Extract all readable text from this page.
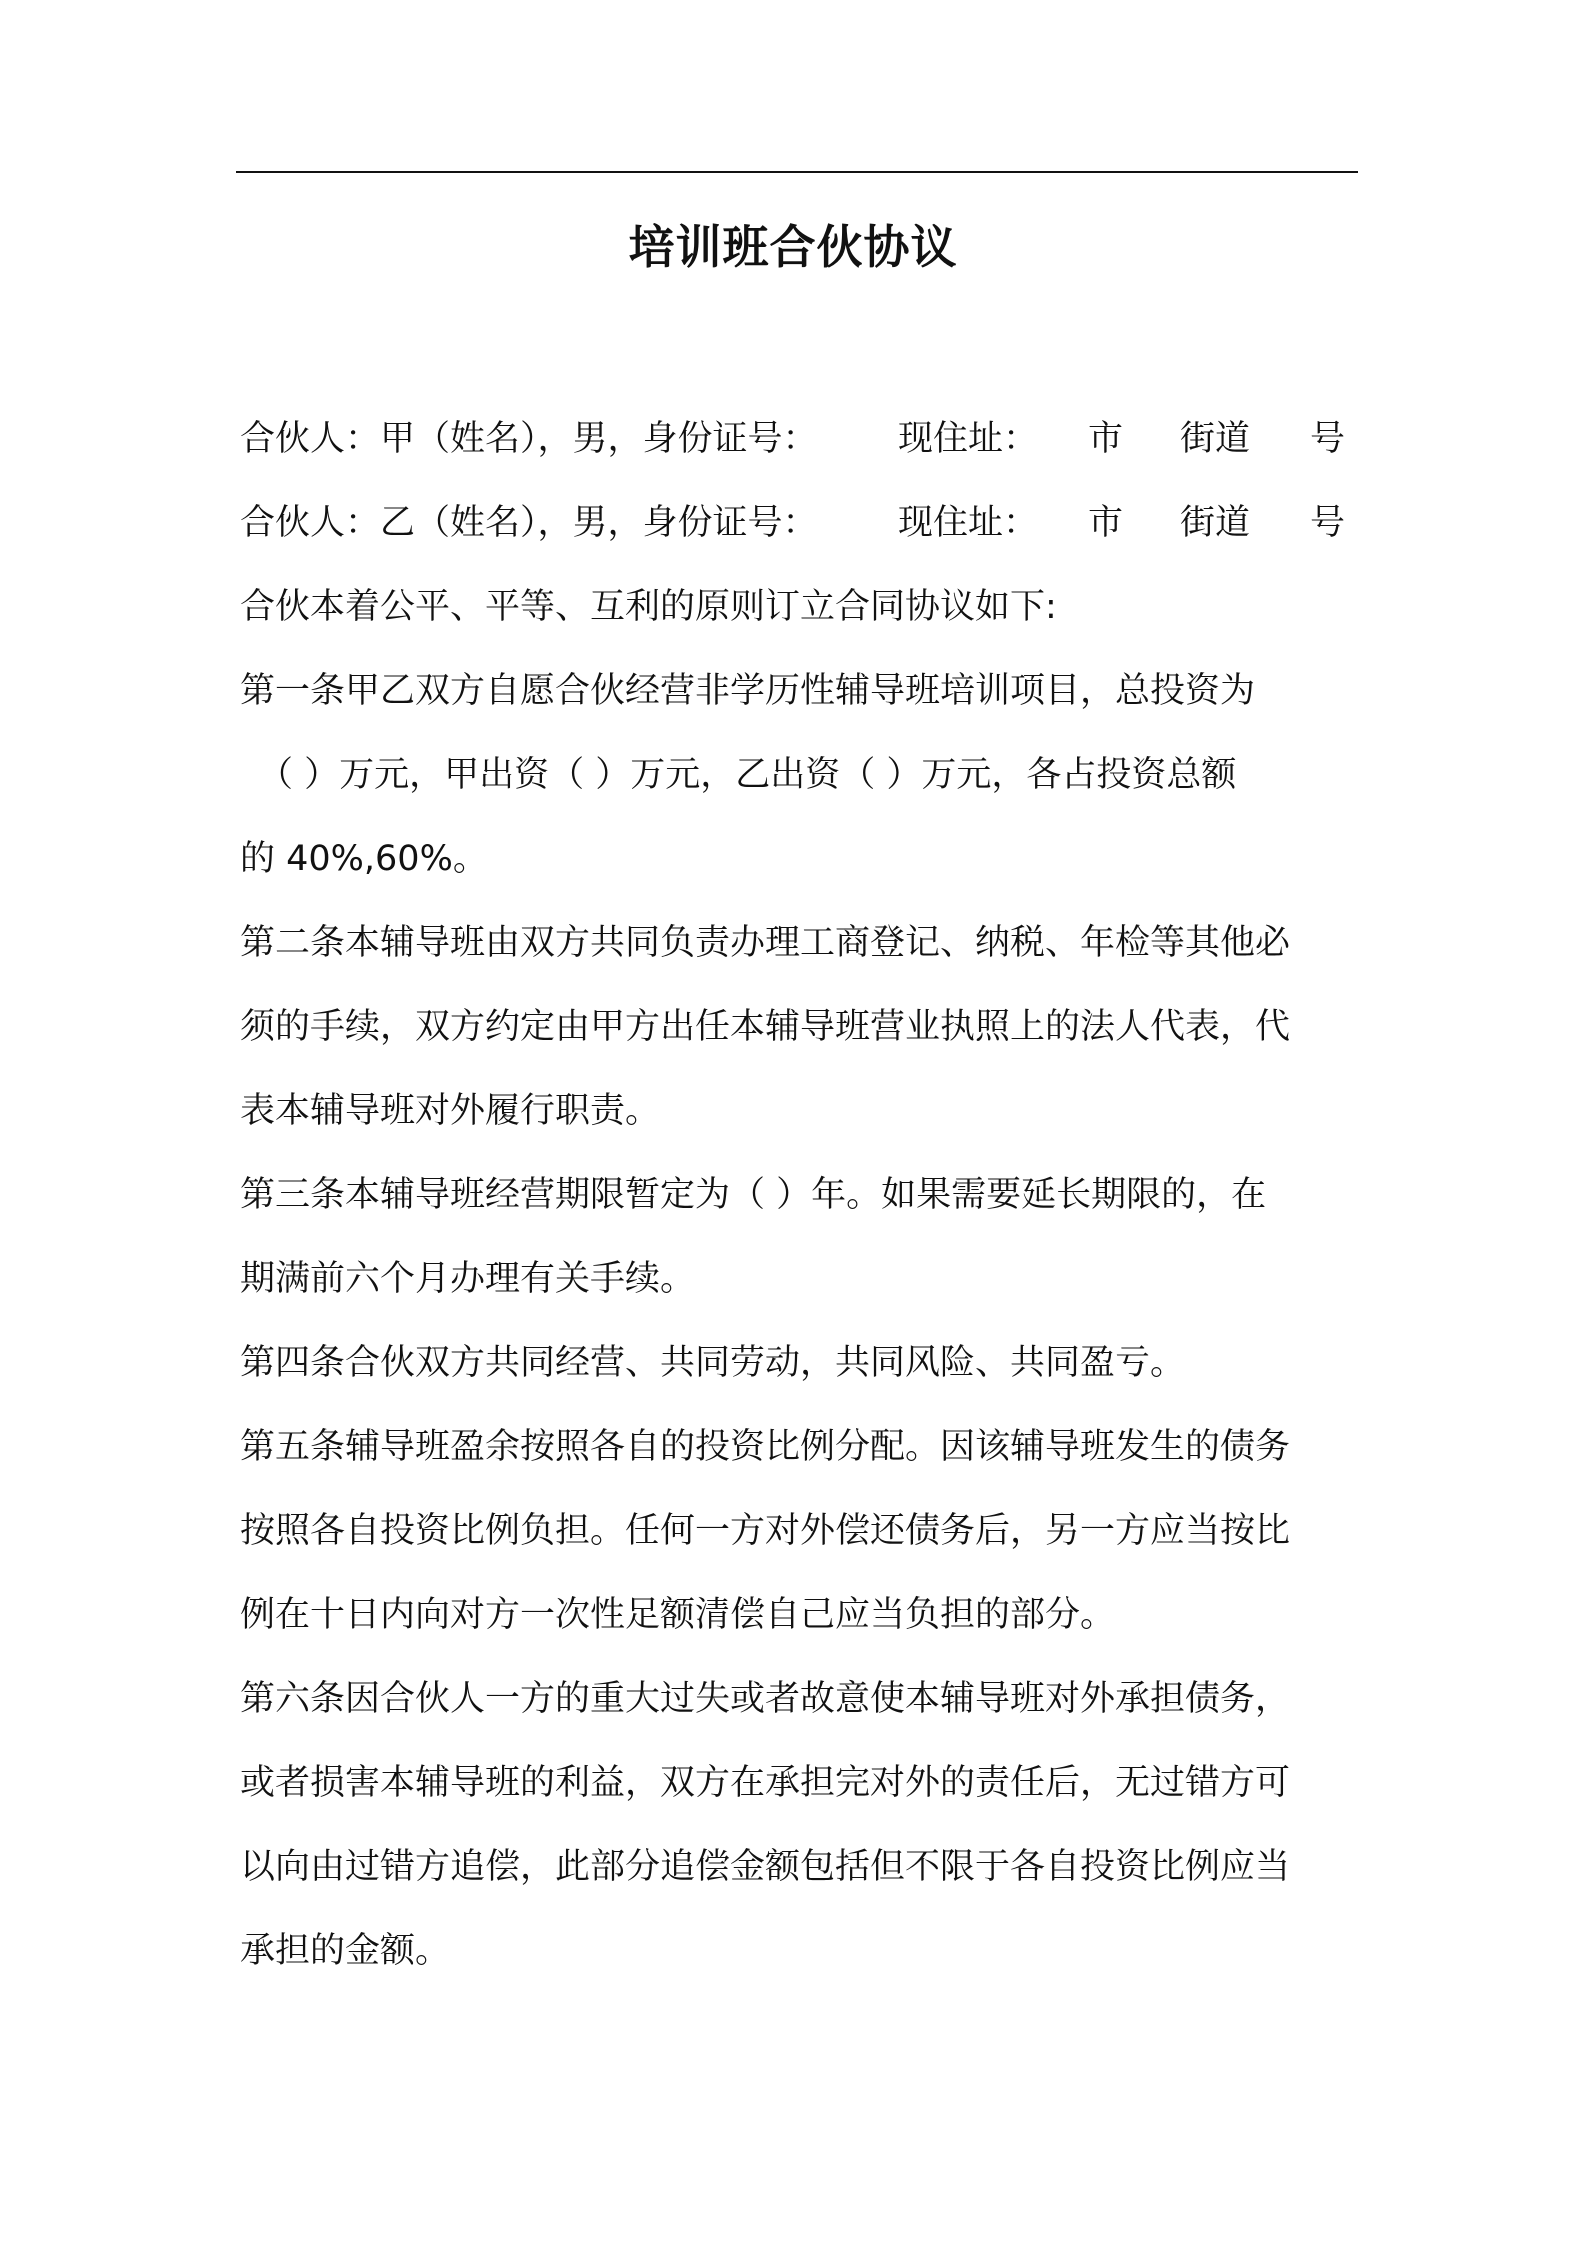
培训班合伙协议
合伙人：甲（姓名），男，身份证号： 现住址： 市 街道 号
合伙人：乙（姓名），男，身份证号： 现住址： 市 街道 号
合伙本着公平、平等、互利的原则订立合同协议如下:
第一条甲乙双方自愿合伙经营非学历性辅导班培训项目，总投资为
（ ）万元，甲出资（ ）万元，乙出资（ ）万元，各占投资总额
的 40%,60%。
第二条本辅导班由双方共同负责办理工商登记、纳税、年检等其他必
须的手续，双方约定由甲方出任本辅导班营业执照上的法人代表，代
表本辅导班对外履行职责。
第三条本辅导班经营期限暂定为（ ）年。如果需要延长期限的，在
期满前六个月办理有关手续。
第四条合伙双方共同经营、共同劳动，共同风险、共同盈亏。
第五条辅导班盈余按照各自的投资比例分配。因该辅导班发生的债务
按照各自投资比例负担。任何一方对外偿还债务后，另一方应当按比
例在十日内向对方一次性足额清偿自己应当负担的部分。
第六条因合伙人一方的重大过失或者故意使本辅导班对外承担债务，
或者损害本辅导班的利益，双方在承担完对外的责任后，无过错方可
以向由过错方追偿，此部分追偿金额包括但不限于各自投资比例应当
承担的金额。
